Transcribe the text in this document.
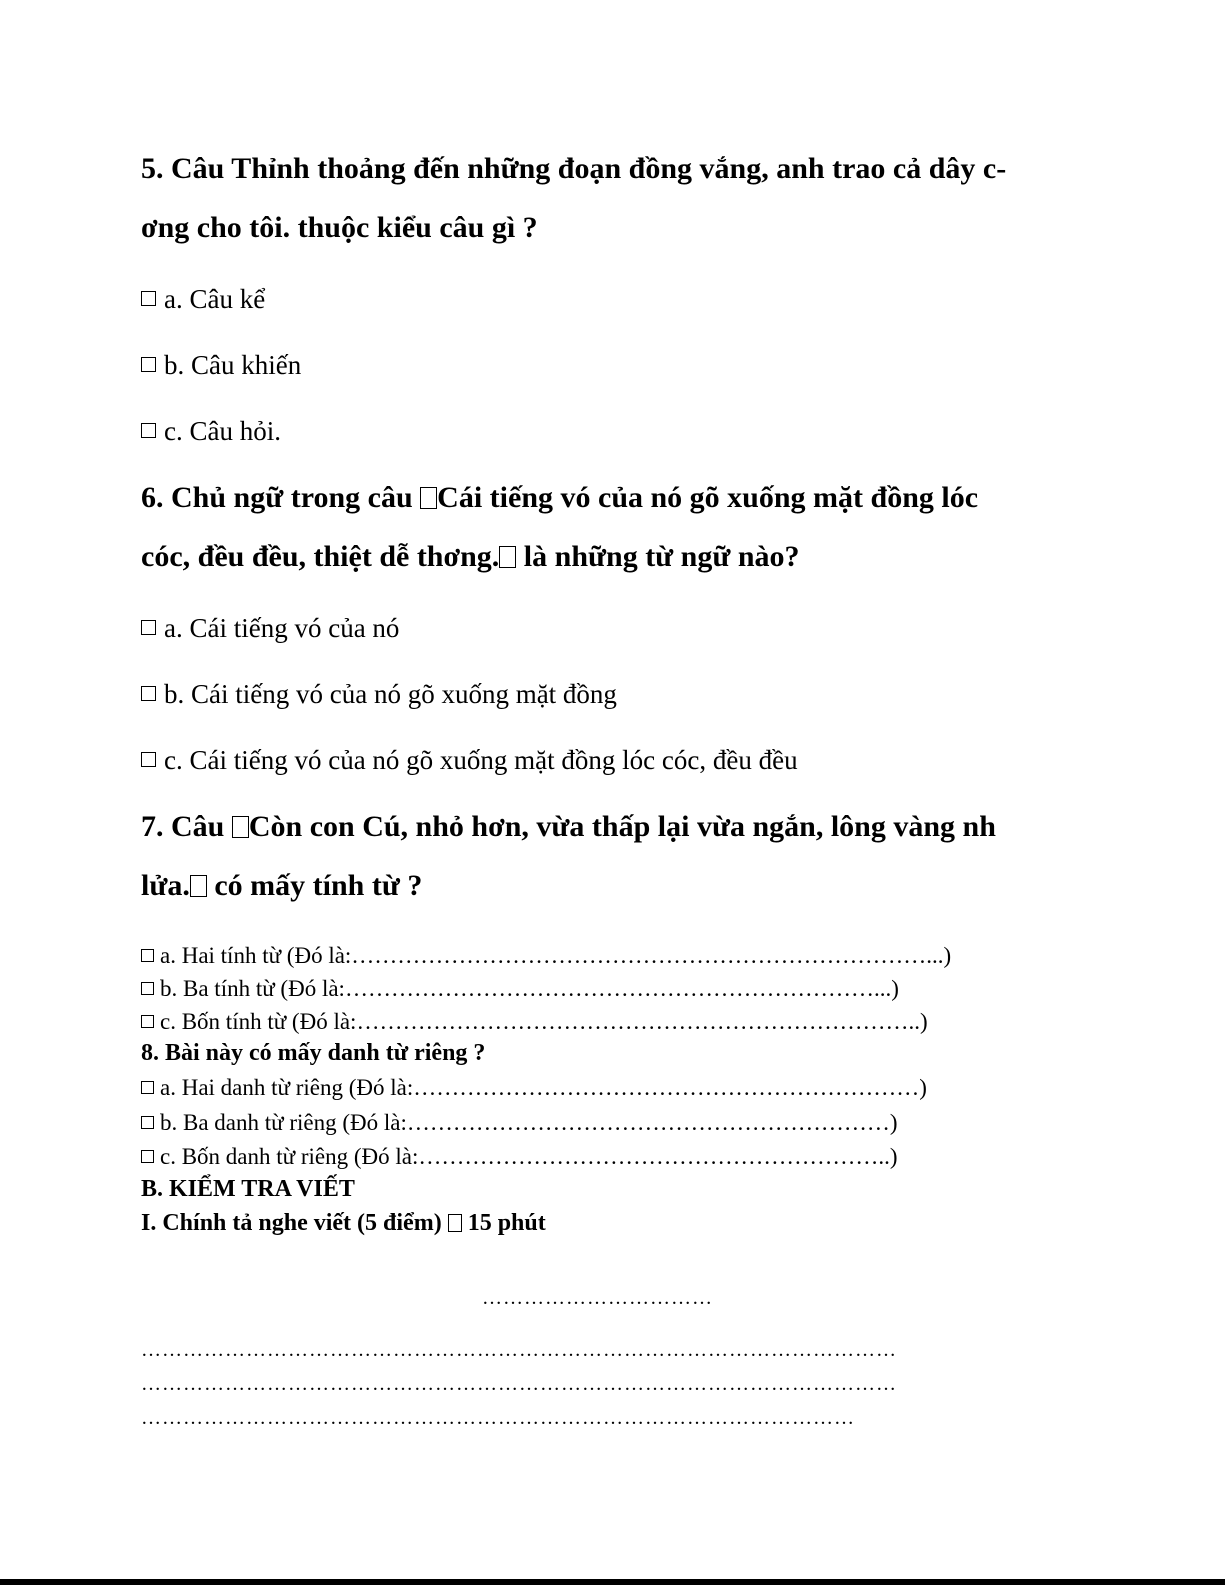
5. Câu Thỉnh thoảng đến những đoạn đồng vắng, anh trao cả dây c-
ơng cho tôi. thuộc kiểu câu gì ?
a. Câu kể
b. Câu khiến
c. Câu hỏi.
6. Chủ ngữ trong câu Cái tiếng vó của nó gõ xuống mặt đồng lóc
cóc, đều đều, thiệt dễ thơng. là những từ ngữ nào?
a. Cái tiếng vó của nó
b. Cái tiếng vó của nó gõ xuống mặt đồng
c. Cái tiếng vó của nó gõ xuống mặt đồng lóc cóc, đều đều
7. Câu Còn con Cú, nhỏ hơn, vừa thấp lại vừa ngắn, lông vàng nh
lửa. có mấy tính từ ?
a. Hai tính từ (Đó là:…………………………………………………………………...)
b. Ba tính từ (Đó là:……………………………………………………………...)
c. Bốn tính từ (Đó là:………………………………………………………………..)
8. Bài này có mấy danh từ riêng ?
a. Hai danh từ riêng (Đó là:…………………………………………………………)
b. Ba danh từ riêng (Đó là:………………………………………………………)
c. Bốn danh từ riêng (Đó là:……………………………………………………..)
B. KIỂM TRA VIẾT
I. Chính tả nghe viết (5 điểm)  15 phút
……………………………
………………………………………………………………………………………………
………………………………………………………………………………………………
…………………………………………………………………………………………
